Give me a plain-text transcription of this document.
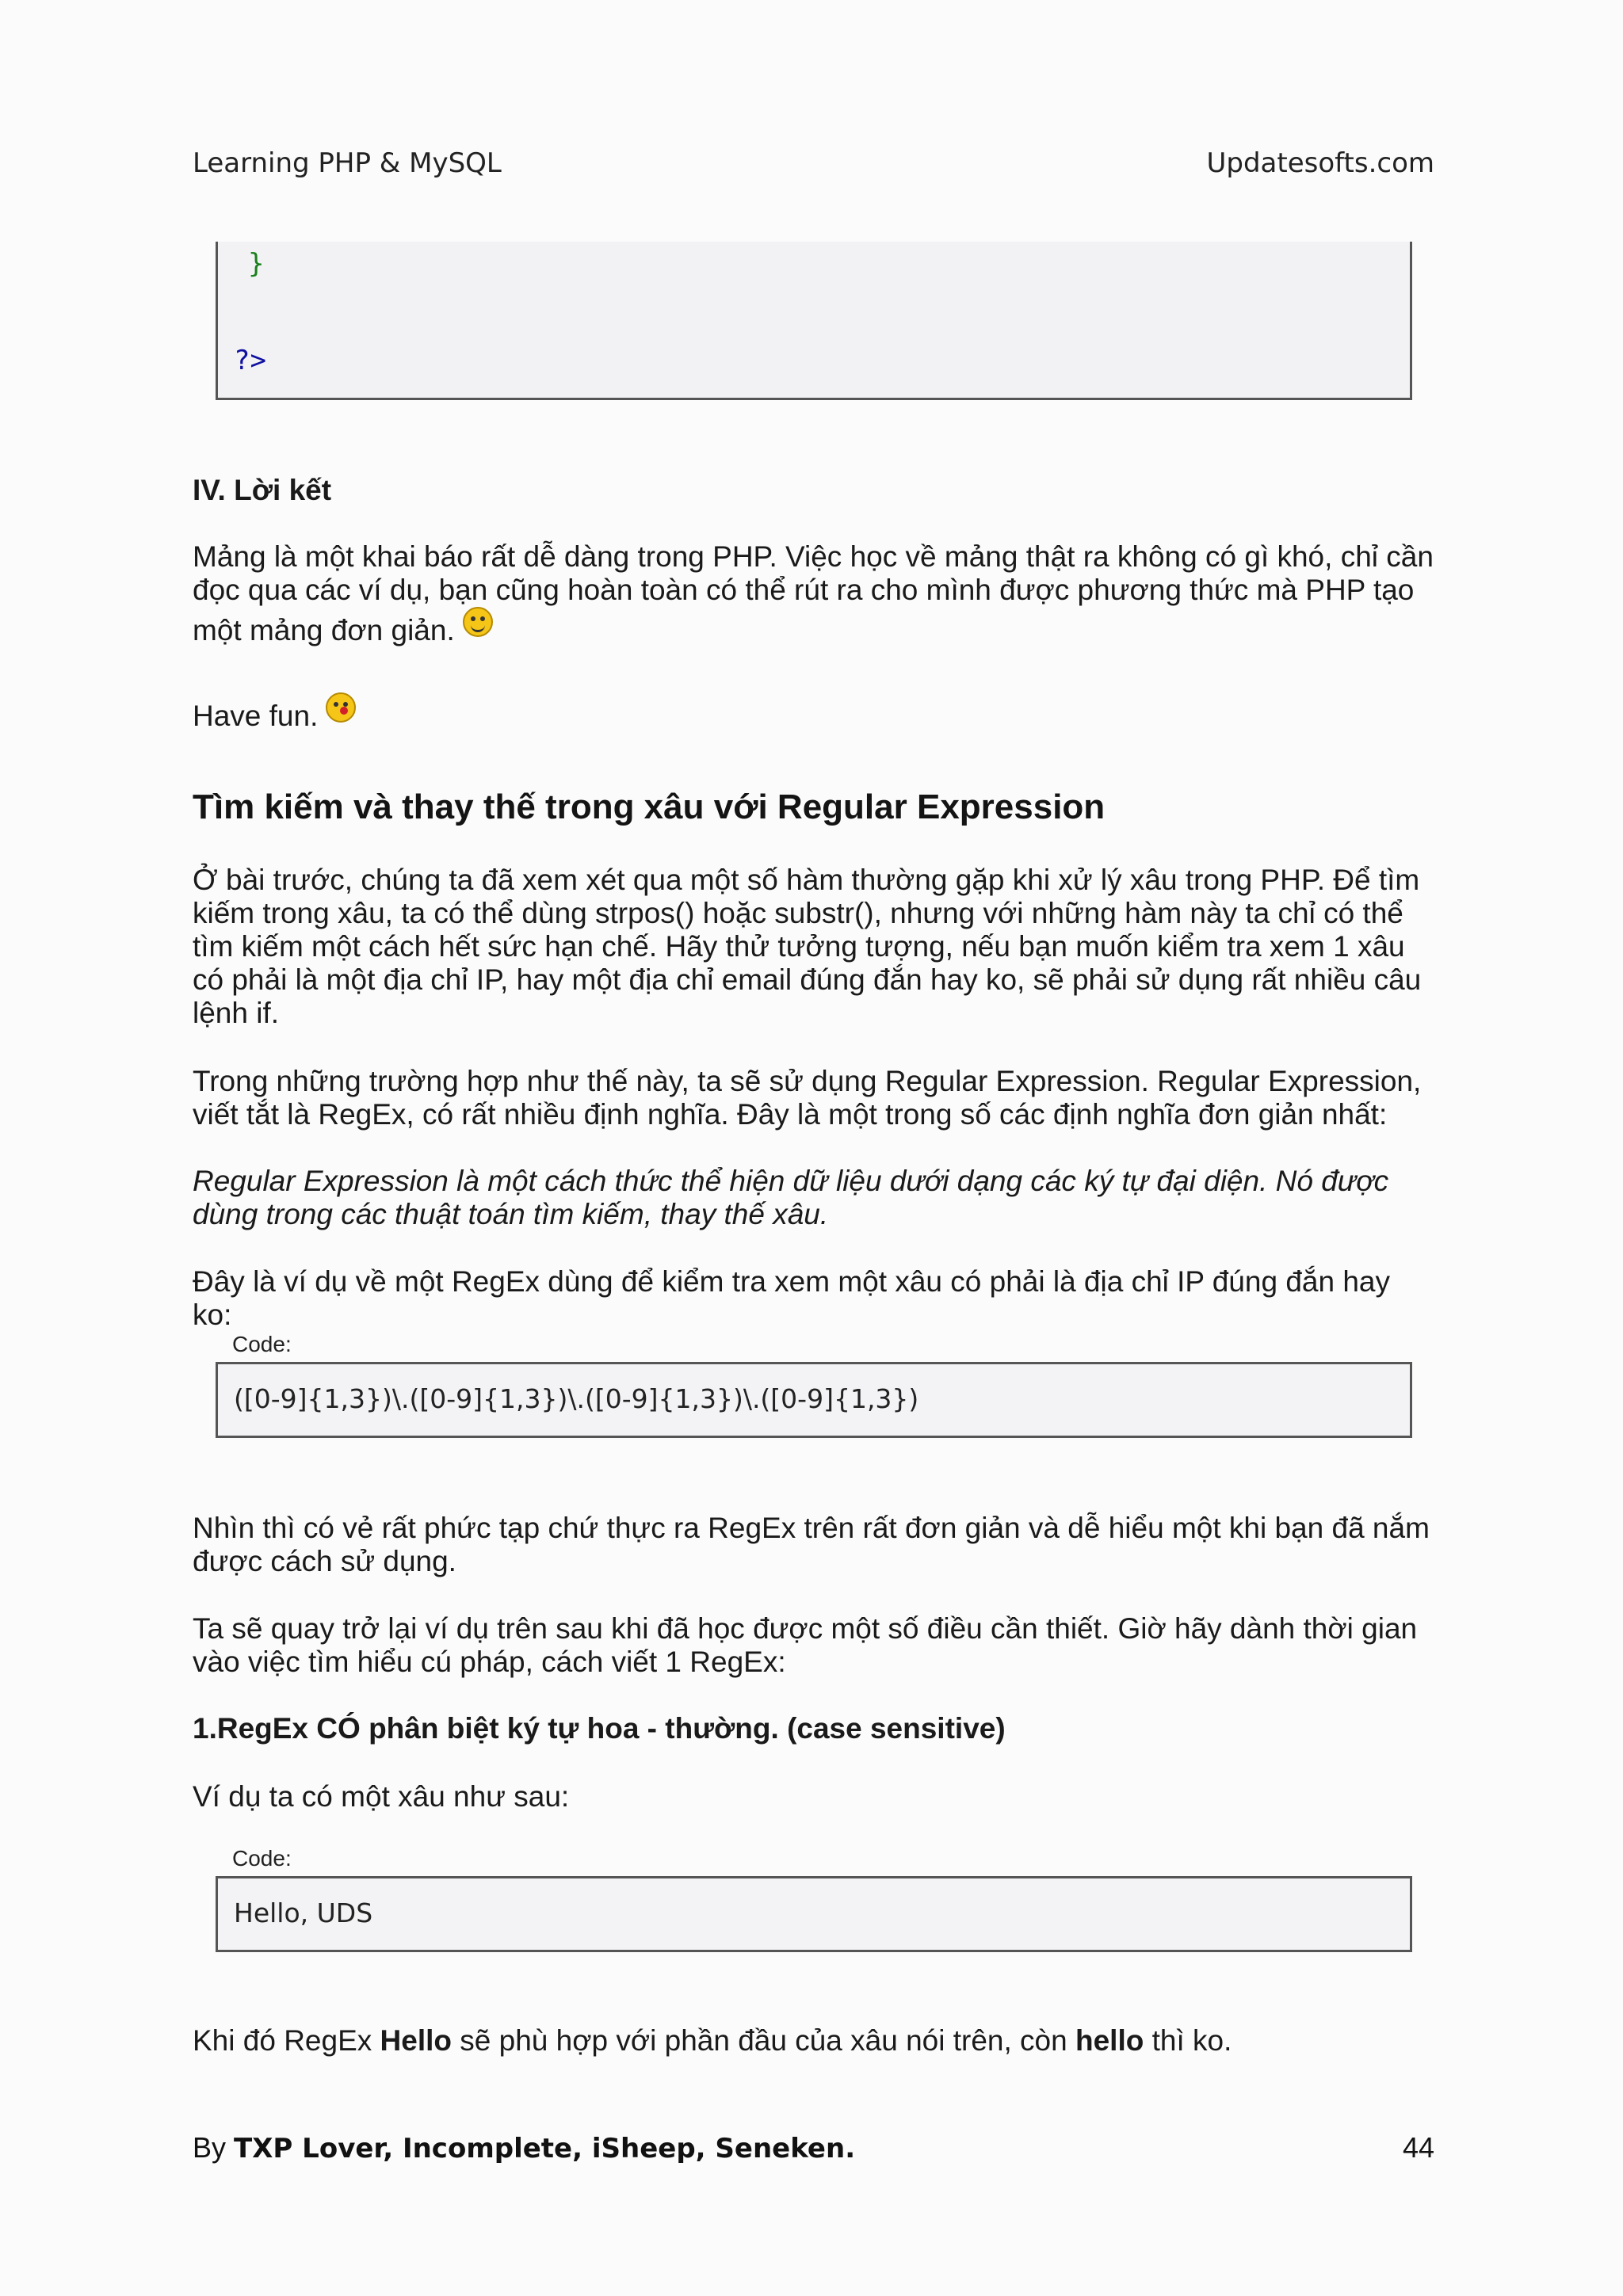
Learning PHP & MySQL	Updatesofts.com
}
?>
IV. Lời kết
Mảng là một khai báo rất dễ dàng trong PHP. Việc học về mảng thật ra không có gì khó, chỉ cần đọc qua các ví dụ, bạn cũng hoàn toàn có thể rút ra cho mình được phương thức mà PHP tạo một mảng đơn giản.
Have fun.
Tìm kiếm và thay thế trong xâu với Regular Expression
Ở bài trước, chúng ta đã xem xét qua một số hàm thường gặp khi xử lý xâu trong PHP. Để tìm kiếm trong xâu, ta có thể dùng strpos() hoặc substr(), nhưng với những hàm này ta chỉ có thể tìm kiếm một cách hết sức hạn chế. Hãy thử tưởng tượng, nếu bạn muốn kiểm tra xem 1 xâu có phải là một địa chỉ IP, hay một địa chỉ email đúng đắn hay ko, sẽ phải sử dụng rất nhiều câu lệnh if.
Trong những trường hợp như thế này, ta sẽ sử dụng Regular Expression. Regular Expression, viết tắt là RegEx, có rất nhiều định nghĩa. Đây là một trong số các định nghĩa đơn giản nhất:
Regular Expression là một cách thức thể hiện dữ liệu dưới dạng các ký tự đại diện. Nó được dùng trong các thuật toán tìm kiếm, thay thế xâu.
Đây là ví dụ về một RegEx dùng để kiểm tra xem một xâu có phải là địa chỉ IP đúng đắn hay ko:
Code:
([0-9]{1,3})\.([0-9]{1,3})\.([0-9]{1,3})\.([0-9]{1,3})
Nhìn thì có vẻ rất phức tạp chứ thực ra RegEx trên rất đơn giản và dễ hiểu một khi bạn đã nắm được cách sử dụng.
Ta sẽ quay trở lại ví dụ trên sau khi đã học được một số điều cần thiết. Giờ hãy dành thời gian vào việc tìm hiểu cú pháp, cách viết 1 RegEx:
1.RegEx CÓ phân biệt ký tự hoa - thường. (case sensitive)
Ví dụ ta có một xâu như sau:
Code:
Hello, UDS
Khi đó RegEx Hello sẽ phù hợp với phần đầu của xâu nói trên, còn hello thì ko.
By TXP Lover, Incomplete, iSheep, Seneken.	44
